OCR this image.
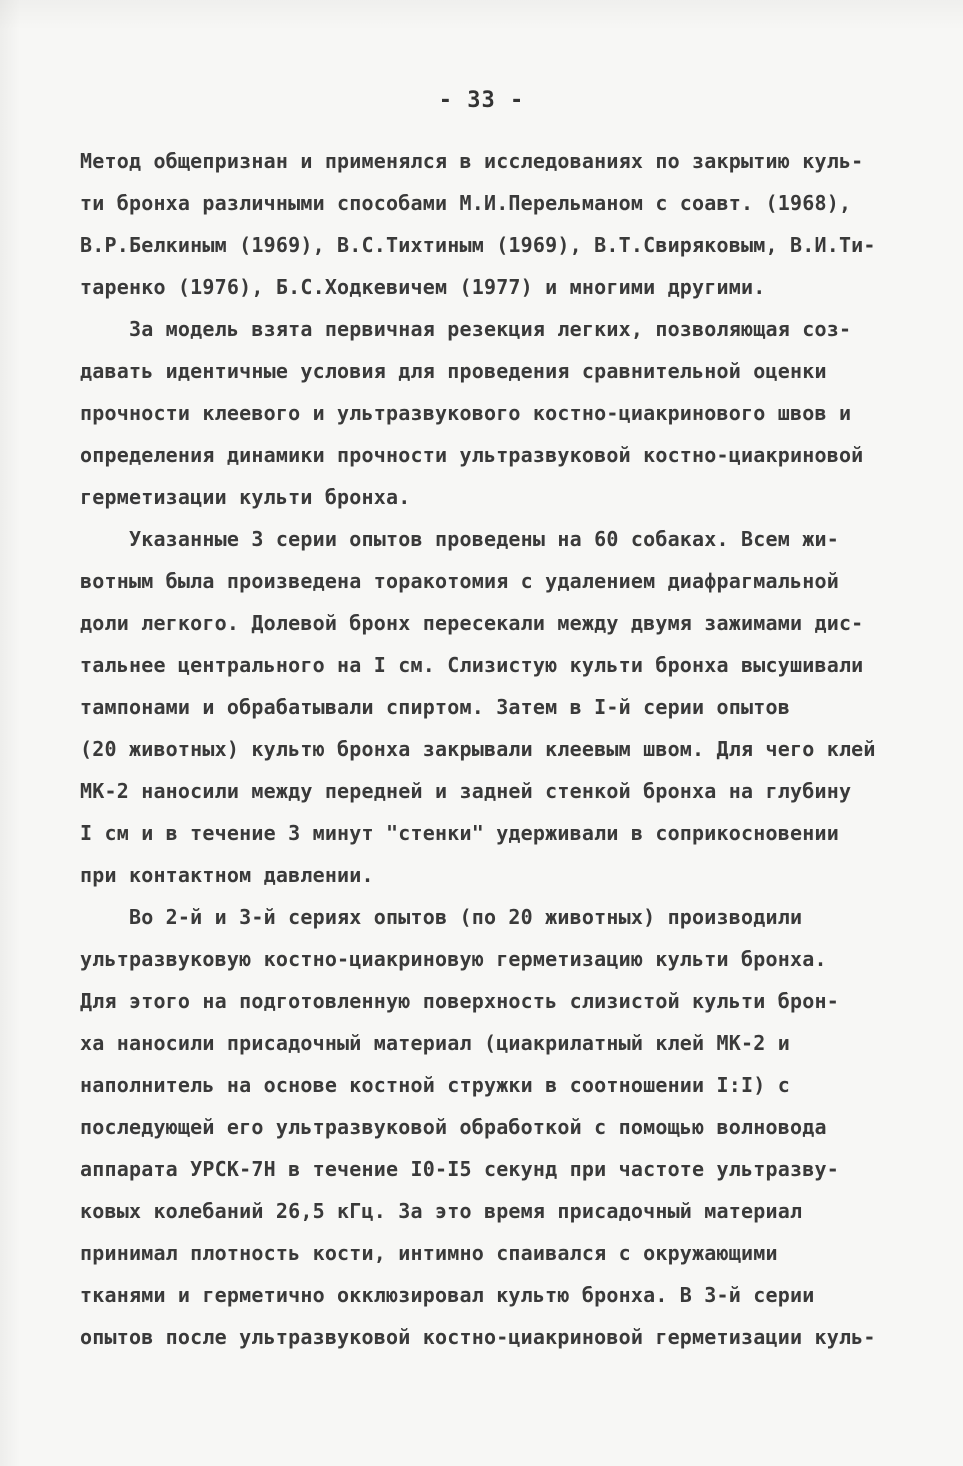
- 33 -
Метод общепризнан и применялся в исследованиях по закрытию куль-
ти бронха различными способами М.И.Перельманом с соавт. (1968),
В.Р.Белкиным (1969), В.С.Тихтиным (1969), В.Т.Свиряковым, В.И.Ти-
таренко (1976), Б.С.Ходкевичем (1977) и многими другими.
За модель взята первичная резекция легких, позволяющая соз-
давать идентичные условия для проведения сравнительной оценки
прочности клеевого и ультразвукового костно-циакринового швов и
определения динамики прочности ультразвуковой костно-циакриновой
герметизации культи бронха.
Указанные 3 серии опытов проведены на 60 собаках. Всем жи-
вотным была произведена торакотомия с удалением диафрагмальной
доли легкого. Долевой бронх пересекали между двумя зажимами дис-
тальнее центрального на I см. Слизистую культи бронха высушивали
тампонами и обрабатывали спиртом. Затем в I-й серии опытов
(20 животных) культю бронха закрывали клеевым швом. Для чего клей
МК-2 наносили между передней и задней стенкой бронха на глубину
I см и в течение 3 минут "стенки" удерживали в соприкосновении
при контактном давлении.
Во 2-й и 3-й сериях опытов (по 20 животных) производили
ультразвуковую костно-циакриновую герметизацию культи бронха.
Для этого на подготовленную поверхность слизистой культи брон-
ха наносили присадочный материал (циакрилатный клей МК-2 и
наполнитель на основе костной стружки в соотношении I:I) с
последующей его ультразвуковой обработкой с помощью волновода
аппарата УРСК-7Н в течение I0-I5 секунд при частоте ультразву-
ковых колебаний 26,5 кГц. За это время присадочный материал
принимал плотность кости, интимно спаивался с окружающими
тканями и герметично окклюзировал культю бронха. В 3-й серии
опытов после ультразвуковой костно-циакриновой герметизации куль-
